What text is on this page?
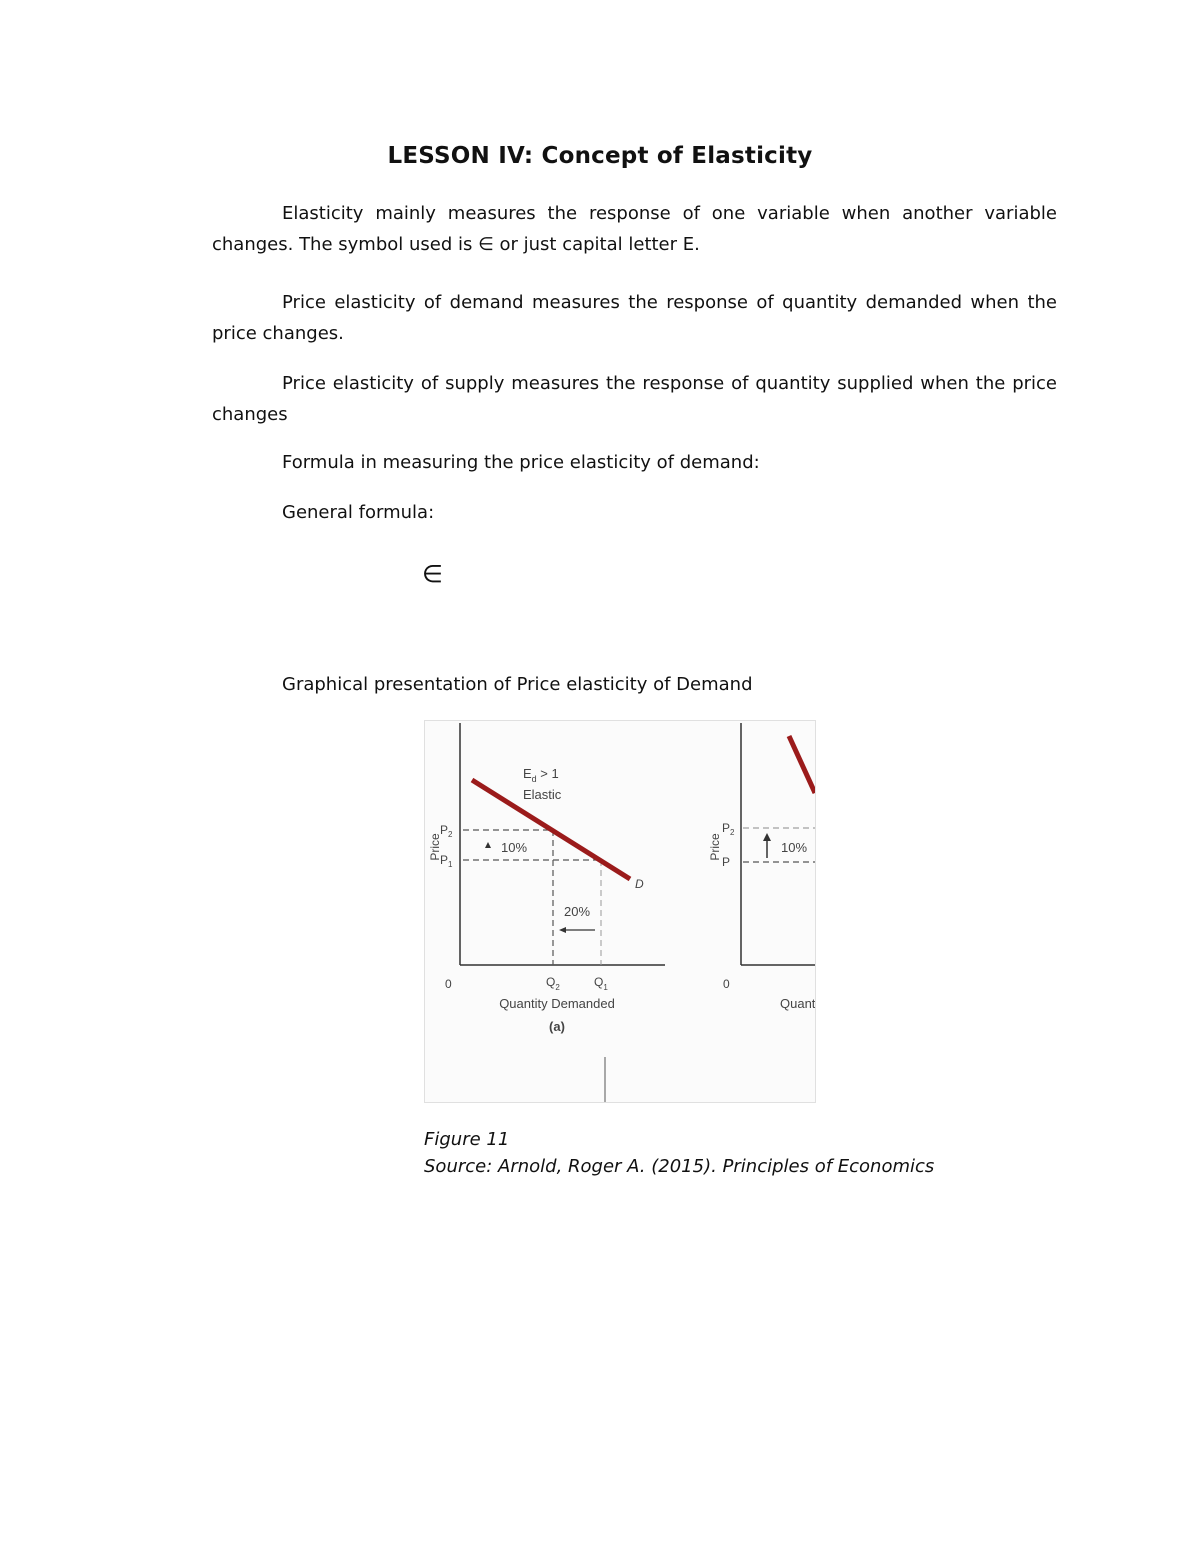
LESSON IV: Concept of Elasticity
Elasticity mainly measures the response of one variable when another variable changes. The symbol used is ∈ or just capital letter E.
Price elasticity of demand measures the response of quantity demanded when the price changes.
Price elasticity of supply measures the response of quantity supplied when the price changes
Formula in measuring the price elasticity of demand:
General formula:
∈
Graphical presentation of Price elasticity of Demand
$E_d > 1$
Elastic
10%
20%
D
$P_2$
$P_1$
Price
0	$Q_2$	$Q_1$
Quantity Demanded
(a)
10%
$P_2$
P
Price
0
Quant
Figure 11
Source: Arnold, Roger A. (2015). Principles of Economics
